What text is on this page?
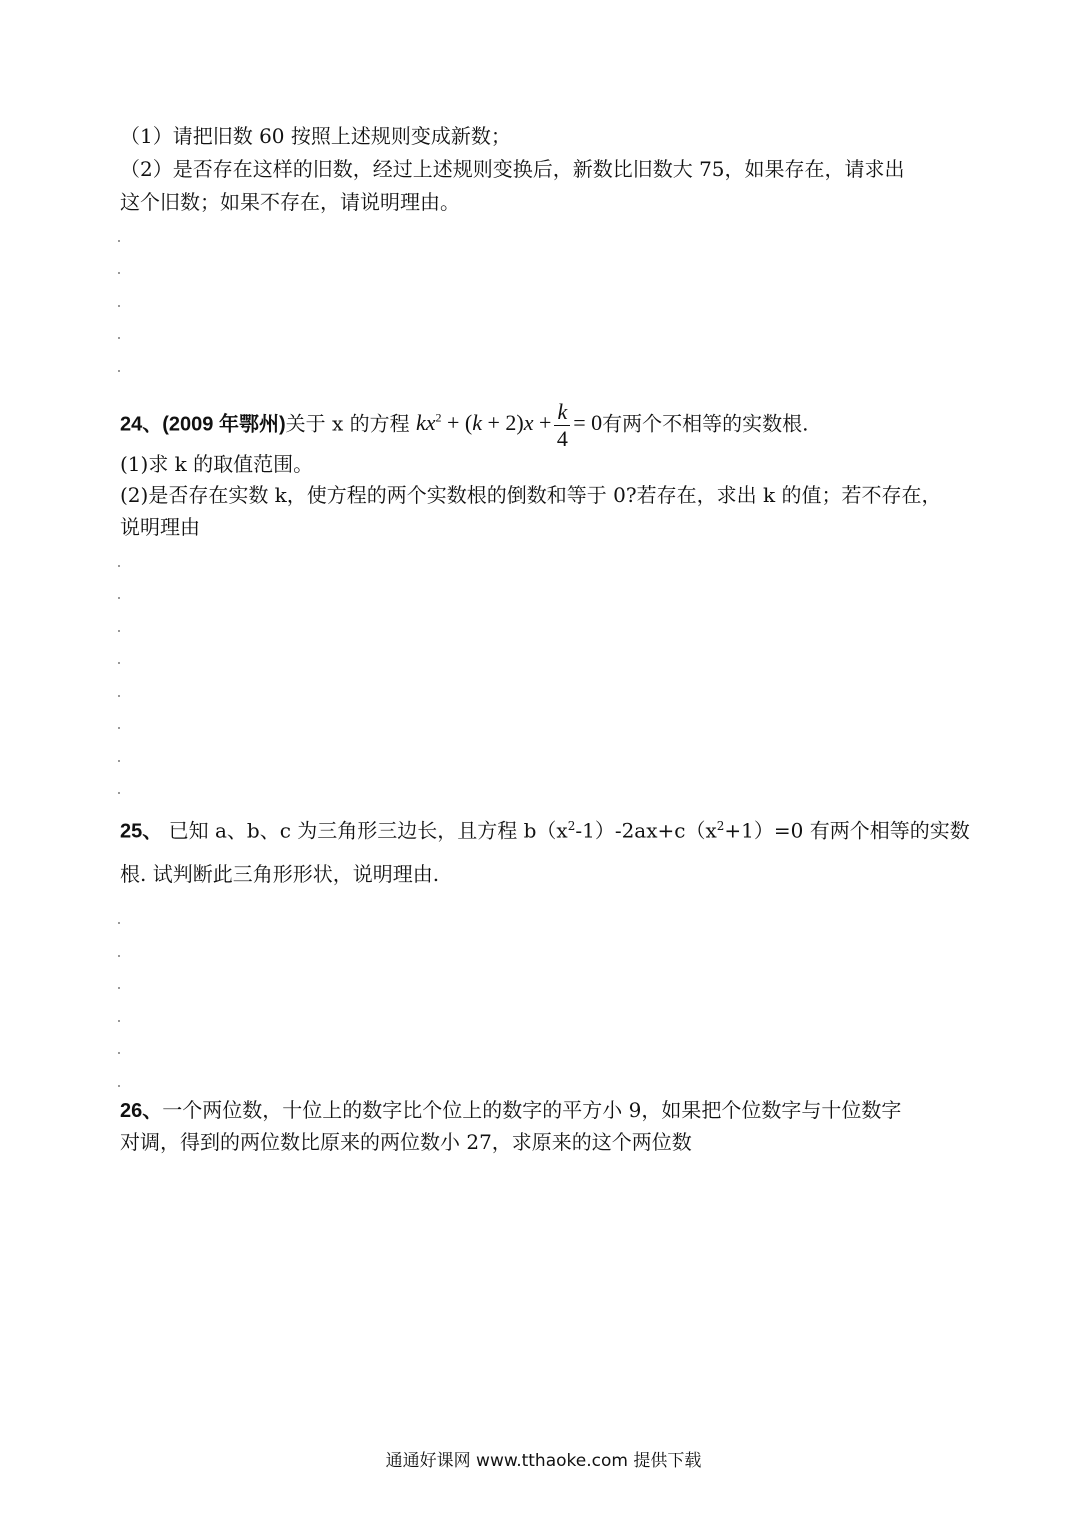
（1）请把旧数 60 按照上述规则变成新数；
（2）是否存在这样的旧数，经过上述规则变换后，新数比旧数大 75，如果存在，请求出
这个旧数；如果不存在，请说明理由。
24、(2009 年鄂州)关于 x 的方程 $kx^2 + (k + 2)x + \frac{k}{4} = 0$有两个不相等的实数根.
(1)求 k 的取值范围。
(2)是否存在实数 k，使方程的两个实数根的倒数和等于 0?若存在，求出 k 的值；若不存在，
说明理由
25、 已知 a、b、c 为三角形三边长，且方程 $b(x^2-1)-2ax+c(x^2+1)=0$ 有两个相等的实数
根. 试判断此三角形形状，说明理由.
26、一个两位数，十位上的数字比个位上的数字的平方小 9，如果把个位数字与十位数字
对调，得到的两位数比原来的两位数小 27，求原来的这个两位数
通通好课网 www.tthaoke.com 提供下载
